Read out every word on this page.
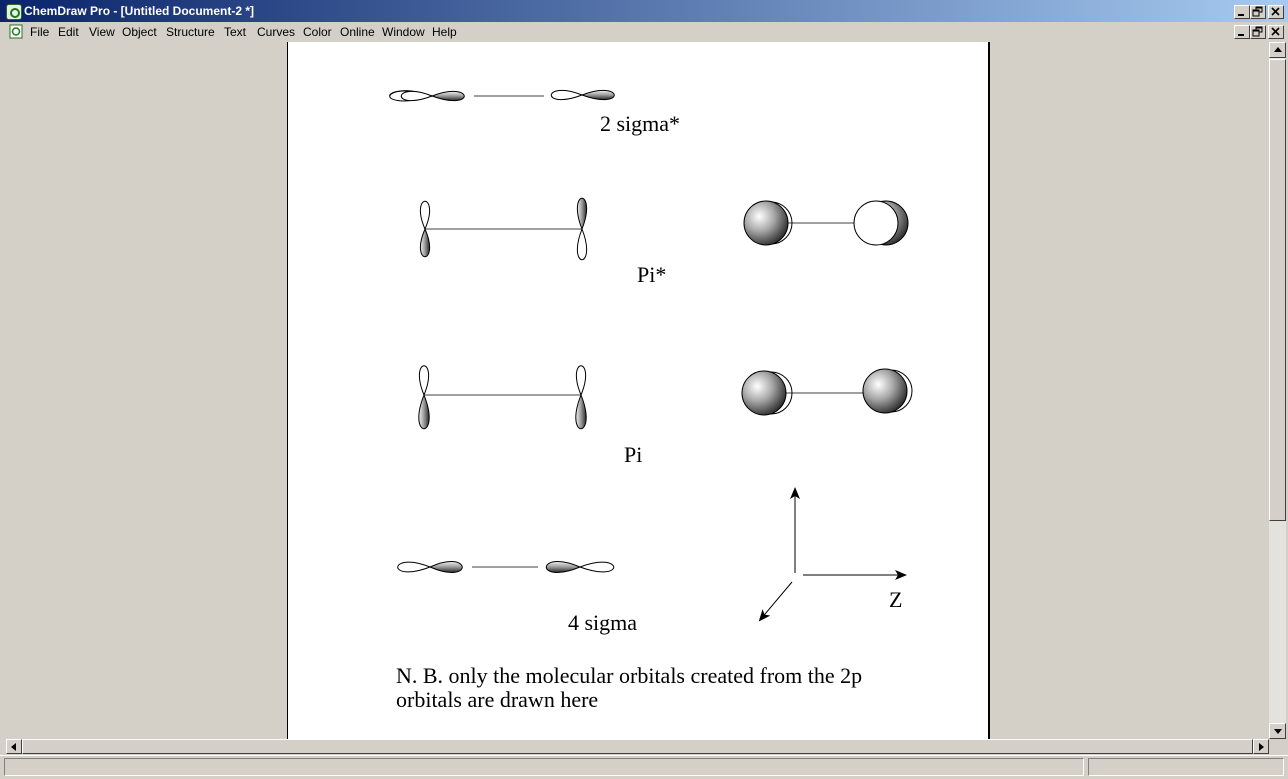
ChemDraw Pro - [Untitled Document-2 *]
File Edit View Object Structure Text Curves Color Online Window Help
2 sigma*
Pi*
Pi
Z
4 sigma
N. B. only the molecular orbitals created from the 2p
orbitals are drawn here
